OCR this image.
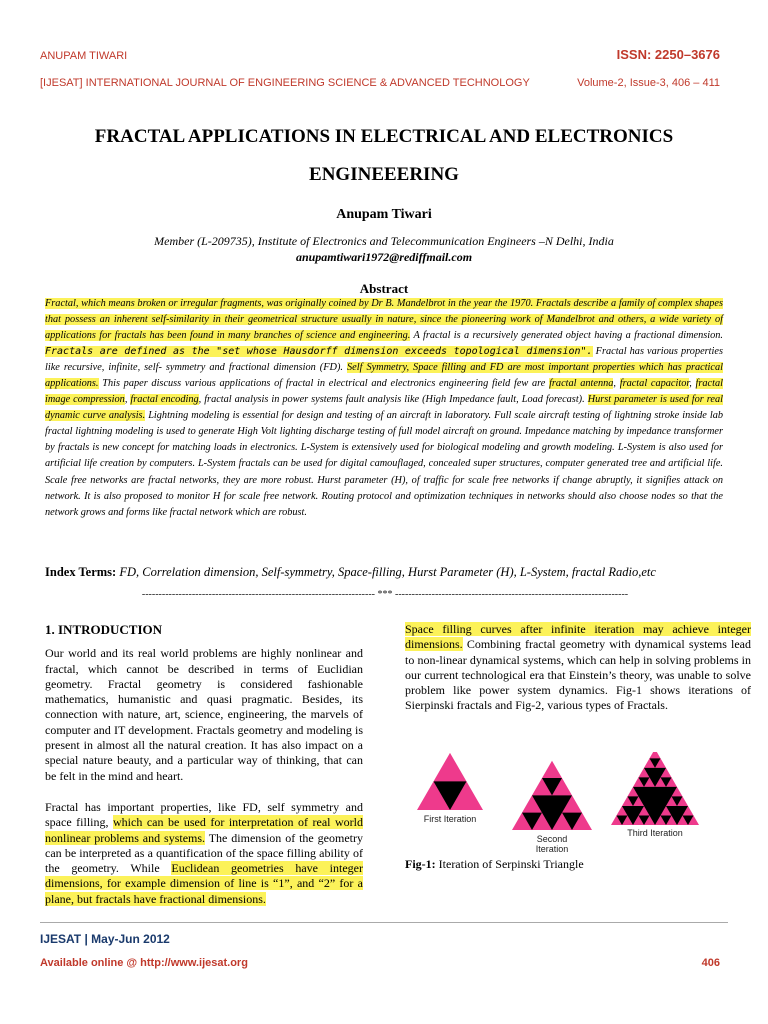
ANUPAM TIWARI	ISSN: 2250–3676
[IJESAT] INTERNATIONAL JOURNAL OF ENGINEERING SCIENCE & ADVANCED TECHNOLOGY	Volume-2, Issue-3, 406 – 411
FRACTAL APPLICATIONS IN ELECTRICAL AND ELECTRONICS
ENGINEEERING
Anupam Tiwari
Member (L-209735), Institute of Electronics and Telecommunication Engineers –N Delhi, India
anupamtiwari1972@rediffmail.com
Abstract

Fractal, which means broken or irregular fragments, was originally coined by Dr B. Mandelbrot in the year the 1970. Fractals describe a family of complex shapes that possess an inherent self-similarity in their geometrical structure usually in nature, since the pioneering work of Mandelbrot and others, a wide variety of applications for fractals has been found in many branches of science and engineering. A fractal is a recursively generated object having a fractional dimension. Fractals are defined as the "set whose Hausdorff dimension exceeds topological dimension". Fractal has various properties like recursive, infinite, self- symmetry and fractional dimension (FD). Self Symmetry, Space filling and FD are most important properties which has practical applications. This paper discuss various applications of fractal in electrical and electronics engineering field few are fractal antenna, fractal capacitor, fractal image compression, fractal encoding, fractal analysis in power systems fault analysis like (High Impedance fault, Load forecast). Hurst parameter is used for real dynamic curve analysis. Lightning modeling is essential for design and testing of an aircraft in laboratory. Full scale aircraft testing of lightning stroke inside lab fractal lightning modeling is used to generate High Volt lighting discharge testing of full model aircraft on ground. Impedance matching by impedance transformer by fractals is new concept for matching loads in electronics. L-System is extensively used for biological modeling and growth modeling. L-System is also used for artificial life creation by computers. L-System fractals can be used for digital camouflaged, concealed super structures, computer generated tree and artificial life. Scale free networks are fractal networks, they are more robust. Hurst parameter (H), of traffic for scale free networks if change abruptly, it signifies attack on network. It is also proposed to monitor H for scale free network. Routing protocol and optimization techniques in networks should also choose nodes so that the network grows and forms like fractal network which are robust.

Index Terms: FD, Correlation dimension, Self-symmetry, Space-filling, Hurst Parameter (H), L-System, fractal Radio,etc
---------------------------------------------------------------------- *** ----------------------------------------------------------------------
1. INTRODUCTION

Our world and its real world problems are highly nonlinear and fractal, which cannot be described in terms of Euclidian geometry. Fractal geometry is considered fashionable mathematics, humanistic and quasi pragmatic. Besides, its connection with nature, art, science, engineering, the marvels of computer and IT development. Fractals geometry and modeling is present in almost all the natural creation. It has also impact on a special nature beauty, and a particular way of thinking, that can be felt in the mind and heart.

Fractal has important properties, like FD, self symmetry and space filling, which can be used for interpretation of real world nonlinear problems and systems. The dimension of the geometry can be interpreted as a quantification of the space filling ability of the geometry. While Euclidean geometries have integer dimensions, for example dimension of line is “1”, and “2” for a plane, but fractals have fractional dimensions.

Space filling curves after infinite iteration may achieve integer dimensions. Combining fractal geometry with dynamical systems lead to non-linear dynamical systems, which can help in solving problems in our current technological era that Einstein’s theory, was unable to solve problem like power system dynamics. Fig-1 shows iterations of Sierpinski fractals and Fig-2, various types of Fractals.

First Iteration
Second
Iteration
Third Iteration
Fig-1: Iteration of Serpinski Triangle
IJESAT | May-Jun 2012
Available online @ http://www.ijesat.org	406
